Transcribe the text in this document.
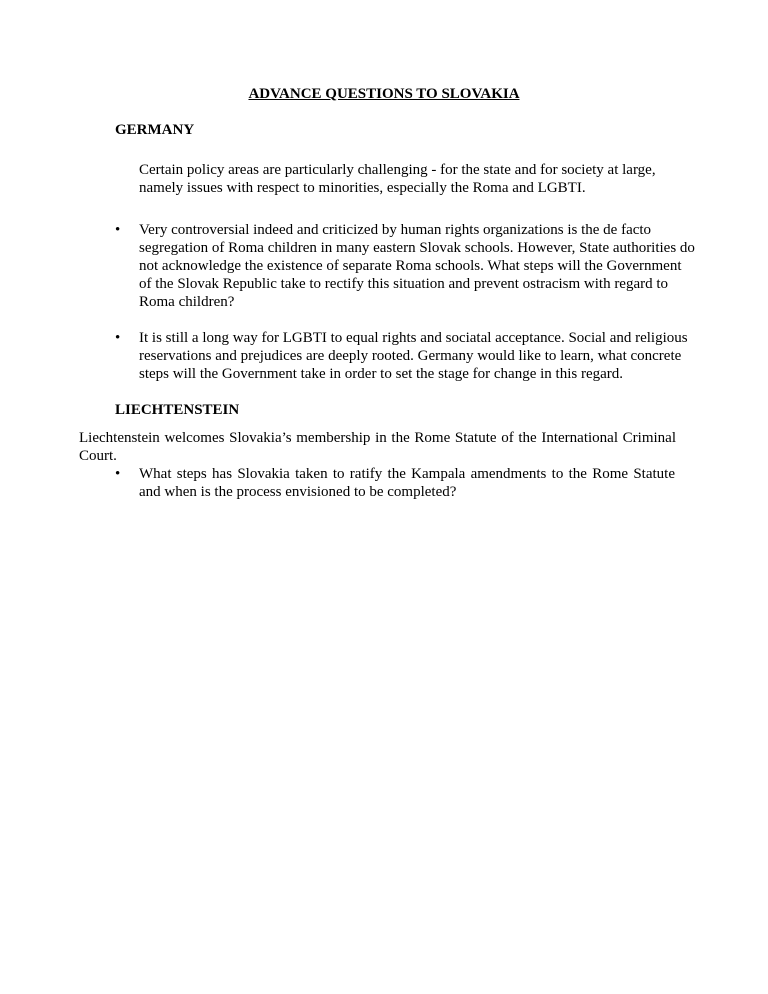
ADVANCE QUESTIONS TO SLOVAKIA
GERMANY

Certain policy areas are particularly challenging - for the state and for society at large, namely issues with respect to minorities, especially the Roma and LGBTI.

•	Very controversial indeed and criticized by human rights organizations is the de facto segregation of Roma children in many eastern Slovak schools. However, State authorities do not acknowledge the existence of separate Roma schools. What steps will the Government of the Slovak Republic take to rectify this situation and prevent ostracism with regard to Roma children?
•	It is still a long way for LGBTI to equal rights and sociatal acceptance. Social and religious reservations and prejudices are deeply rooted. Germany would like to learn, what concrete steps will the Government take in order to set the stage for change in this regard.
LIECHTENSTEIN

Liechtenstein welcomes Slovakia’s membership in the Rome Statute of the International Criminal Court.

•	What steps has Slovakia taken to ratify the Kampala amendments to the Rome Statute and when is the process envisioned to be completed?
